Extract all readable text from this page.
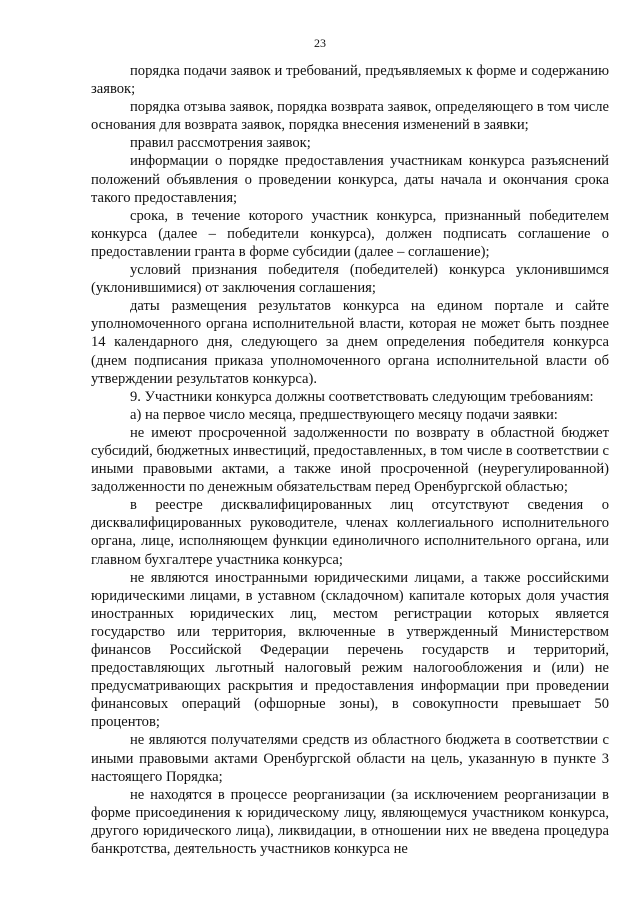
23

порядка подачи заявок и требований, предъявляемых к форме и содержанию заявок;

порядка отзыва заявок, порядка возврата заявок, определяющего в том числе основания для возврата заявок, порядка внесения изменений в заявки;

правил рассмотрения заявок;

информации о порядке предоставления участникам конкурса разъяснений положений объявления о проведении конкурса, даты начала и окончания срока такого предоставления;

срока, в течение которого участник конкурса, признанный победителем конкурса (далее – победители конкурса), должен подписать соглашение о предоставлении гранта в форме субсидии (далее – соглашение);

условий признания победителя (победителей) конкурса уклонившимся (уклонившимися) от заключения соглашения;

даты размещения результатов конкурса на едином портале и сайте уполномоченного органа исполнительной власти, которая не может быть позднее 14 календарного дня, следующего за днем определения победителя конкурса (днем подписания приказа уполномоченного органа исполнительной власти об утверждении результатов конкурса).

9. Участники конкурса должны соответствовать следующим требованиям:

а) на первое число месяца, предшествующего месяцу подачи заявки:

не имеют просроченной задолженности по возврату в областной бюджет субсидий, бюджетных инвестиций, предоставленных, в том числе в соответствии с иными правовыми актами, а также иной просроченной (неурегулированной) задолженности по денежным обязательствам перед Оренбургской областью;

в реестре дисквалифицированных лиц отсутствуют сведения о дисквалифицированных руководителе, членах коллегиального исполнительного органа, лице, исполняющем функции единоличного исполнительного органа, или главном бухгалтере участника конкурса;

не являются иностранными юридическими лицами, а также российскими юридическими лицами, в уставном (складочном) капитале которых доля участия иностранных юридических лиц, местом регистрации которых является государство или территория, включенные в утвержденный Министерством финансов Российской Федерации перечень государств и территорий, предоставляющих льготный налоговый режим налогообложения и (или) не предусматривающих раскрытия и предоставления информации при проведении финансовых операций (офшорные зоны), в совокупности превышает 50 процентов;

не являются получателями средств из областного бюджета в соответствии с иными правовыми актами Оренбургской области на цель, указанную в пункте 3 настоящего Порядка;

не находятся в процессе реорганизации (за исключением реорганизации в форме присоединения к юридическому лицу, являющемуся участником конкурса, другого юридического лица), ликвидации, в отношении них не введена процедура банкротства, деятельность участников конкурса не
